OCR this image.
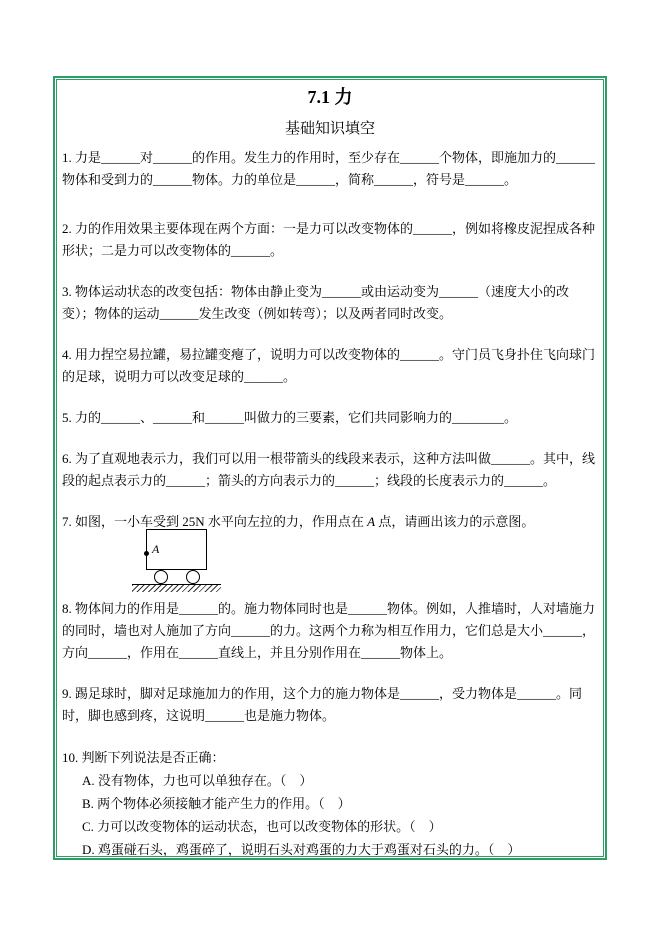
7.1 力
基础知识填空

1. 力是______对______的作用。发生力的作用时，至少存在______个物体，即施加力的______物体和受到力的______物体。力的单位是______，简称______，符号是______。

2. 力的作用效果主要体现在两个方面：一是力可以改变物体的______，例如将橡皮泥捏成各种形状；二是力可以改变物体的______。

3. 物体运动状态的改变包括：物体由静止变为______或由运动变为______（速度大小的改变）；物体的运动______发生改变（例如转弯）；以及两者同时改变。

4. 用力捏空易拉罐，易拉罐变瘪了，说明力可以改变物体的______。守门员飞身扑住飞向球门的足球，说明力可以改变足球的______。

5. 力的______、______和______叫做力的三要素，它们共同影响力的________。

6. 为了直观地表示力，我们可以用一根带箭头的线段来表示，这种方法叫做______。其中，线段的起点表示力的______；箭头的方向表示力的______；线段的长度表示力的______。

7. 如图，一小车受到 25N 水平向左拉的力，作用点在 A 点，请画出该力的示意图。

A

8. 物体间力的作用是______的。施力物体同时也是______物体。例如，人推墙时，人对墙施力的同时，墙也对人施加了方向______的力。这两个力称为相互作用力，它们总是大小______，方向______，作用在______直线上，并且分别作用在______物体上。

9. 踢足球时，脚对足球施加力的作用，这个力的施力物体是______，受力物体是______。同时，脚也感到疼，这说明______也是施力物体。

10. 判断下列说法是否正确：

A. 没有物体，力也可以单独存在。（　）
B. 两个物体必须接触才能产生力的作用。（　）
C. 力可以改变物体的运动状态，也可以改变物体的形状。（　）
D. 鸡蛋碰石头，鸡蛋碎了，说明石头对鸡蛋的力大于鸡蛋对石头的力。（　）
